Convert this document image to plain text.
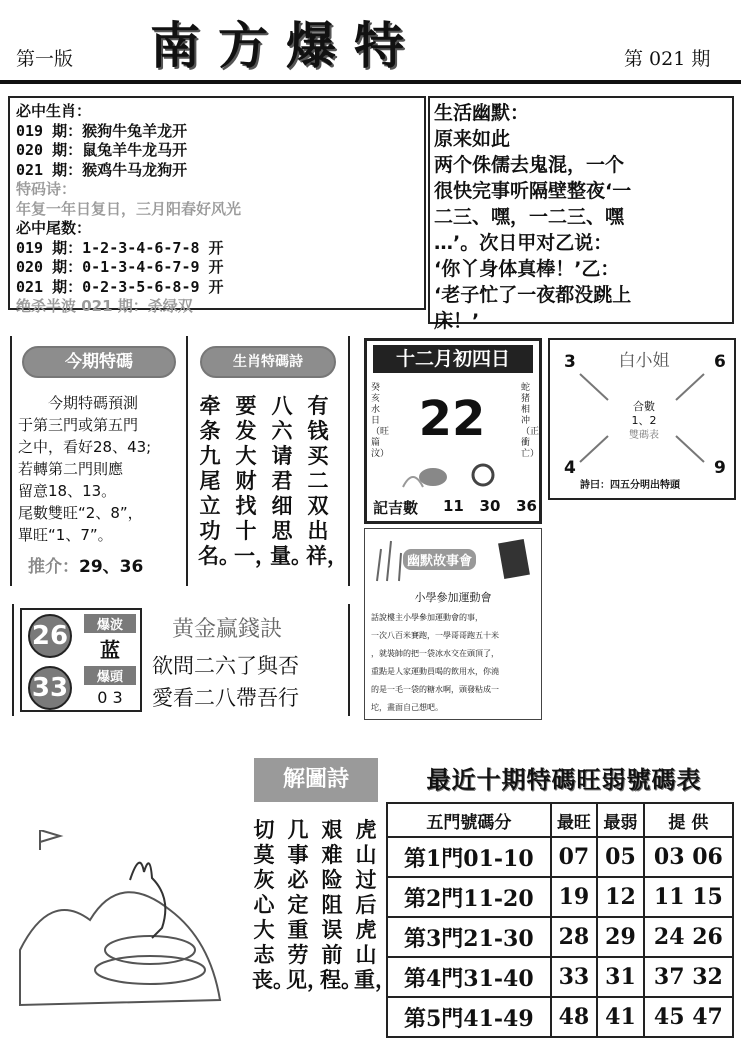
第一版 南方爆特	第 021 期
必中生肖：
019 期：猴狗牛兔羊龙开
020 期：鼠兔羊牛龙马开
021 期：猴鸡牛马龙狗开
特码诗：
年复一年日复日，三月阳春好风光
必中尾数：
019 期：1-2-3-4-6-7-8 开
020 期：0-1-3-4-6-7-9 开
021 期：0-2-3-5-6-8-9 开
绝杀半波 021 期：杀绿双
生活幽默：
原来如此
两个侏儒去鬼混，一个
很快完事听隔壁整夜‘一
二三、嘿，一二三、嘿
…’。次日甲对乙说：
‘你丫身体真棒！’乙：
‘老子忙了一夜都没跳上
床！’
今期特碼
今期特碼預測
于第三門或第五門
之中，看好28、43;
若轉第二門則應
留意18、13。
尾數雙旺“2、8”，
單旺“1、7”。
推介：29、36
生肖特碼詩
有钱买二双出祥，
八六请君细思量。
要发大财找十一，
牵条九尾立功名。
十二月初四日
癸亥水日（旺篇汶）
蛇猪相冲（正衝亡）
22
記吉數 11 30 36
白小姐
3	6
4	9
合數
1、2
雙碼表
詩曰：四五分明出特頭
幽默故事會
小學參加運動會
話說樓主小學參加運動會的事，
一次八百米賽跑，一學哥哥跑五十米
，就裝帥的把一袋冰水交在頭頂了，
重點是人家運動員喝的飲用水，你澆
的是一毛一袋的糖水啊，頭發粘成一
坨，畫面自己想吧。
26	爆波
蓝
33	爆頭
0 3
黄金赢錢訣
欲問二六了與否
愛看二八帶吾行
解圖詩
虎山过后虎山重，
艰难险阻误前程。
几事必定重劳见，
切莫灰心大志丧。
最近十期特碼旺弱號碼表
五門號碼分	最旺	最弱	提 供
第1門01-10	07	05	03 06
第2門11-20	19	12	11 15
第3門21-30	28	29	24 26
第4門31-40	33	31	37 32
第5門41-49	48	41	45 47
